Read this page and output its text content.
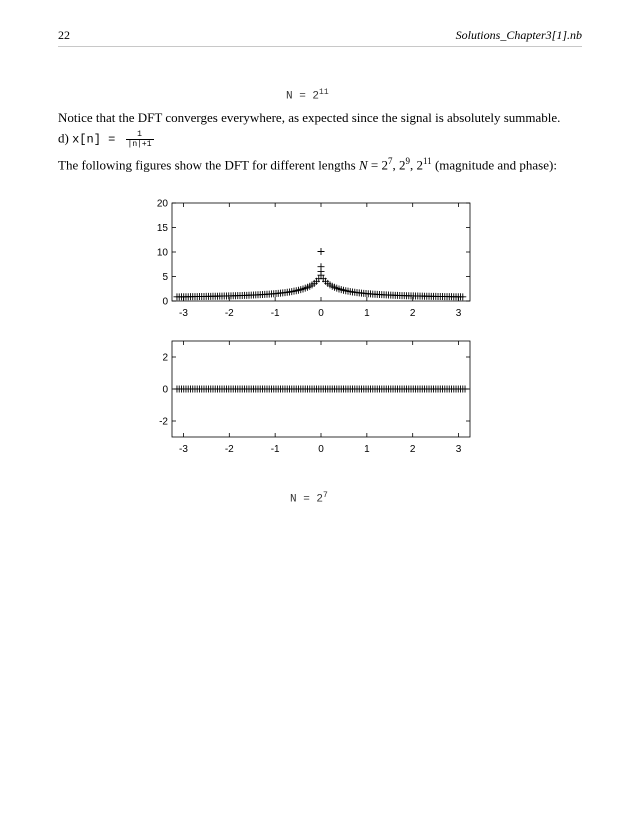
22	Solutions_Chapter3[1].nb
$N = 2^{11}$
Notice that the DFT converges everywhere, as expected since the signal is absolutely summable.
d) $x[n] = \frac{1}{|n|+1}$
The following figures show the DFT for different lengths $N = 2^7$, $2^9$, $2^{11}$ (magnitude and phase):
-3	-2	-1	0	1	2	3
0
5
10
15
20
-3	-2	-1	0	1	2	3
-2
0
2
$N = 2^7$
